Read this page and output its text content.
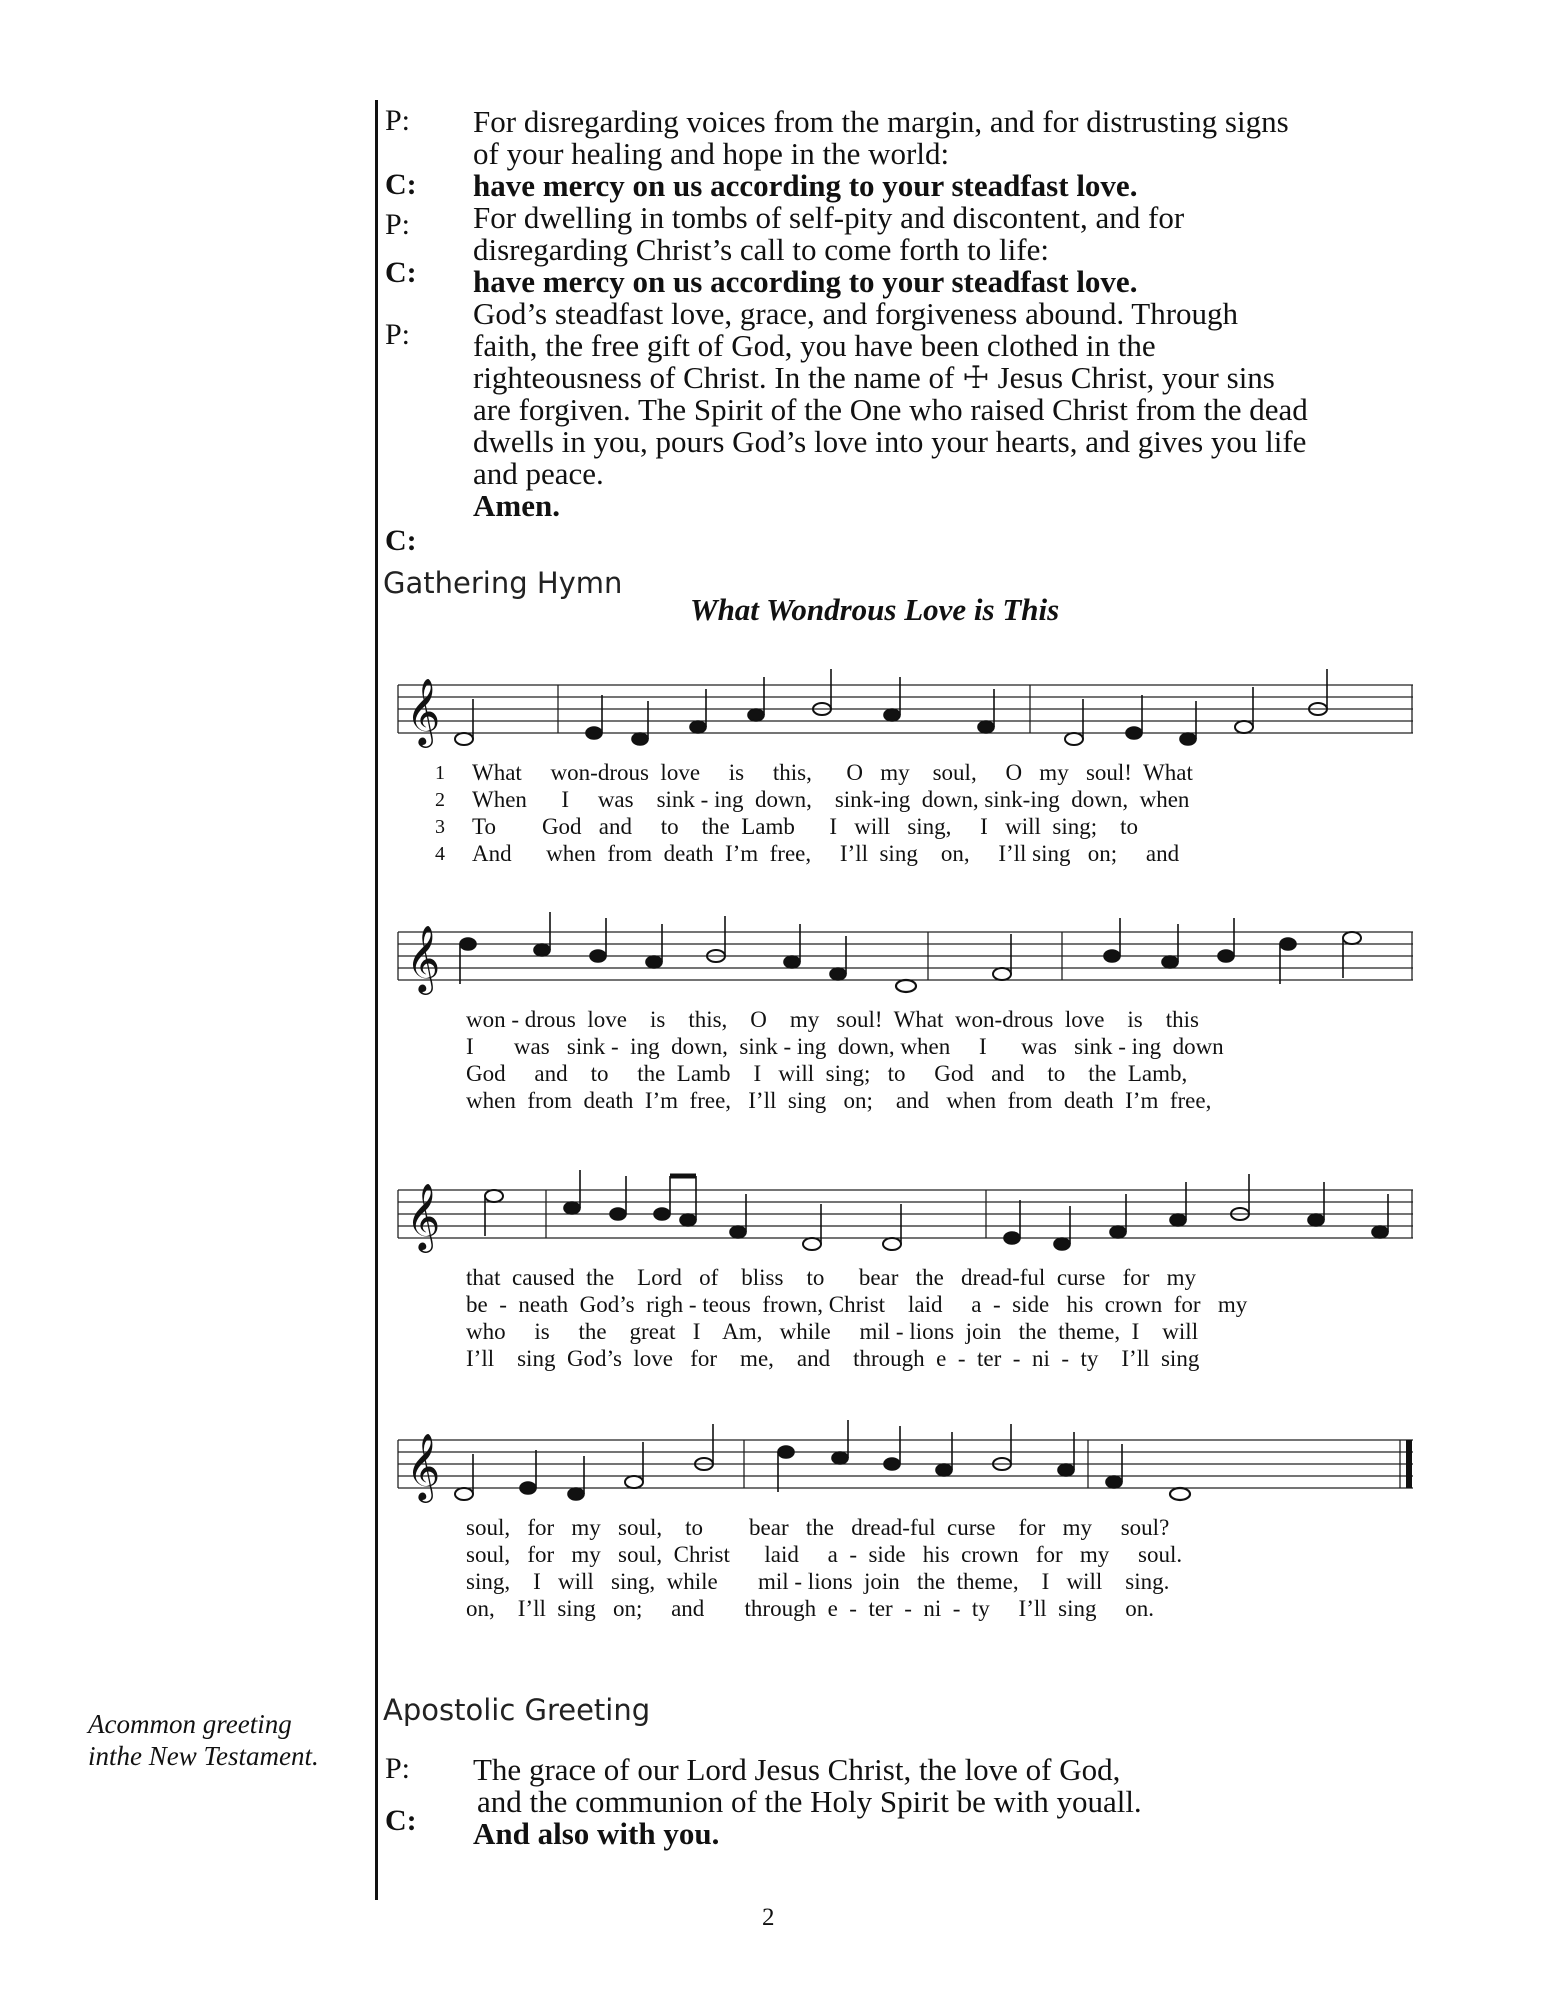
P: For disregarding voices from the margin, and for distrusting signs
of your healing and hope in the world:
C: have mercy on us according to your steadfast love.
P: For dwelling in tombs of self-pity and discontent, and for
disregarding Christ’s call to come forth to life:
C: have mercy on us according to your steadfast love.
P:
God’s steadfast love, grace, and forgiveness abound. Through
faith, the free gift of God, you have been clothed in the
righteousness of Christ. In the name of ☩ Jesus Christ, your sins
are forgiven. The Spirit of the One who raised Christ from the dead
dwells in you, pours God’s love into your hearts, and gives you life
and peace.
Amen.
C:
Gathering Hymn
What Wondrous Love is This
𝄞
1
2
3
4
What     won-drous  love     is     this,      O   my    soul,     O   my   soul!  What
When      I     was    sink - ing  down,    sink-ing  down, sink-ing  down,  when
To        God   and     to    the  Lamb      I   will   sing,     I   will  sing;    to
And      when  from  death  I’m  free,     I’ll  sing    on,     I’ll sing   on;     and
𝄞
won - drous  love    is    this,    O    my   soul!  What  won-drous  love    is    this
I       was   sink -  ing  down,  sink - ing  down, when     I      was   sink - ing  down
God     and    to     the  Lamb    I   will  sing;   to     God   and    to    the  Lamb,
when  from  death  I’m  free,   I’ll  sing   on;    and   when  from  death  I’m  free,
𝄞
that  caused  the    Lord   of    bliss    to      bear   the   dread-ful  curse   for   my
be  -  neath  God’s  righ - teous  frown, Christ    laid     a  -  side   his  crown  for   my
who     is     the    great   I    Am,   while     mil - lions  join   the  theme,  I    will
I’ll    sing  God’s  love   for    me,    and    through  e  -  ter  -  ni  -  ty    I’ll  sing
𝄞
soul,   for   my   soul,    to        bear   the   dread-ful  curse    for   my     soul?
soul,   for   my   soul,  Christ      laid     a  -  side   his  crown   for   my     soul.
sing,    I   will   sing,  while       mil - lions  join   the  theme,    I   will    sing.
on,    I’ll  sing   on;     and       through  e  -  ter  -  ni  -  ty     I’ll  sing     on.
Acommon greeting
inthe New Testament.
Apostolic Greeting
P: The grace of our Lord Jesus Christ, the love of God,
and the communion of the Holy Spirit be with youall.
C: And also with you.
2
